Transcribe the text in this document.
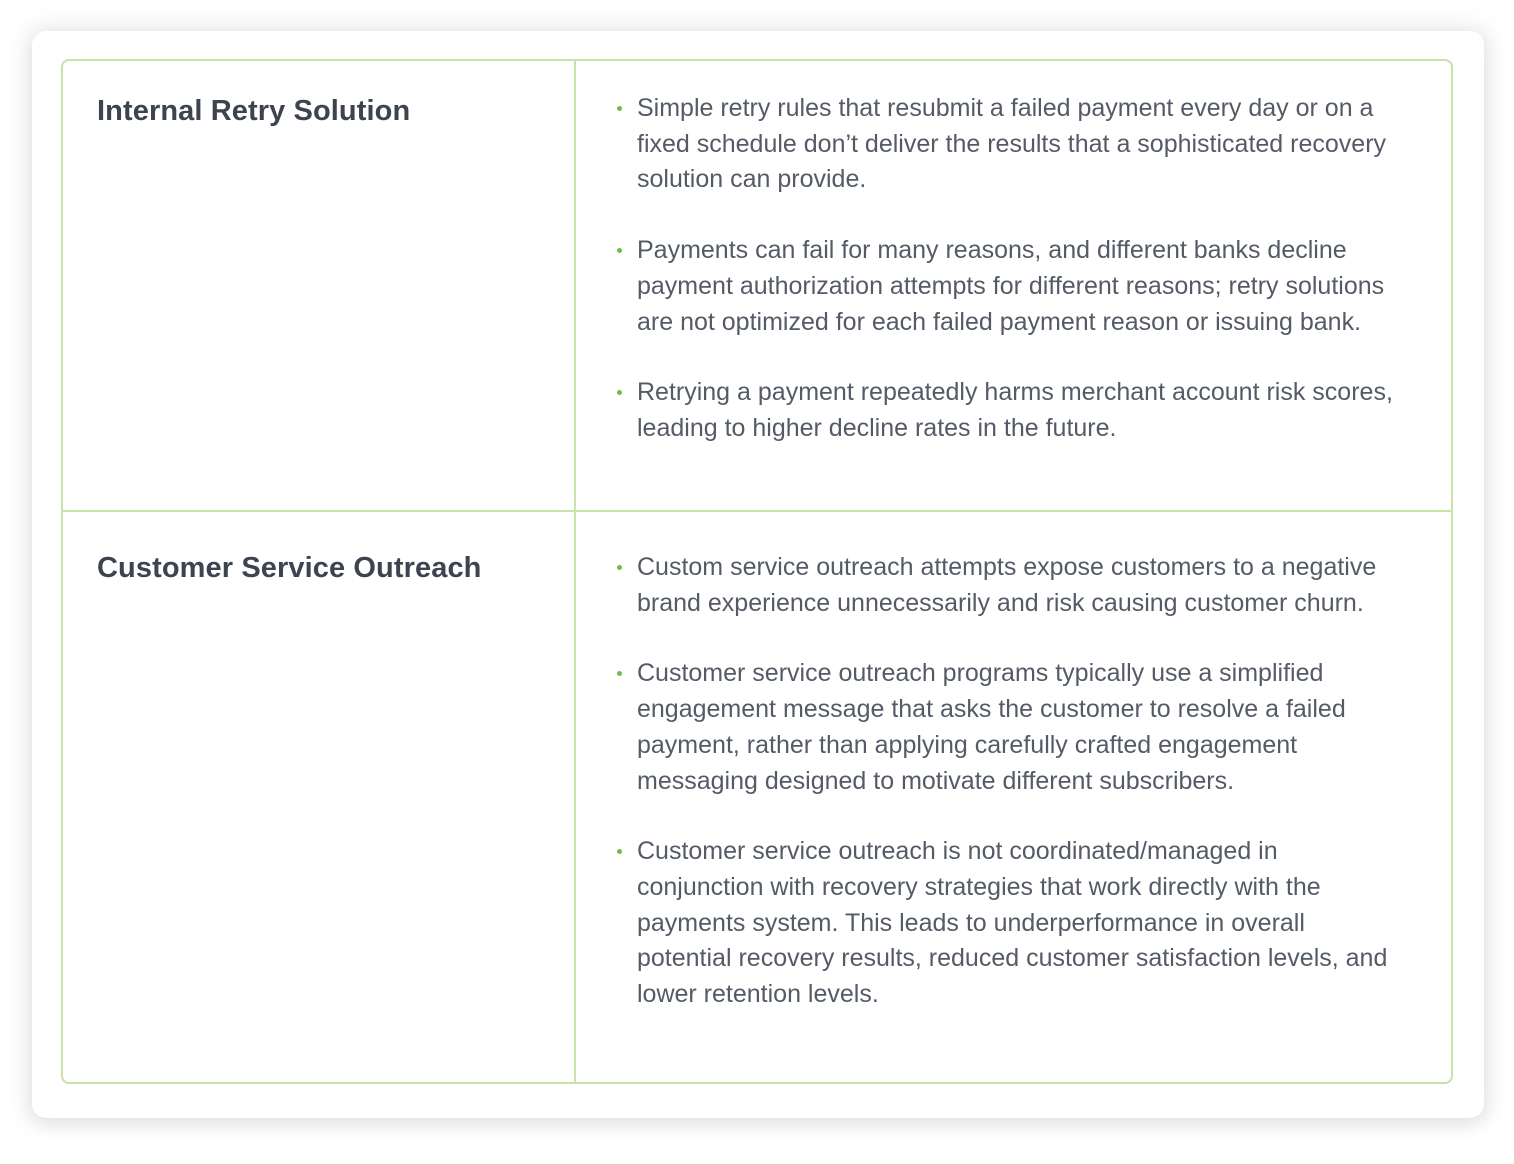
Internal Retry Solution	Simple retry rules that resubmit a failed payment every day or on a fixed schedule don’t deliver the results that a sophisticated recovery solution can provide.
Payments can fail for many reasons, and different banks decline payment authorization attempts for different reasons; retry solutions are not optimized for each failed payment reason or issuing bank.
Retrying a payment repeatedly harms merchant account risk scores, leading to higher decline rates in the future.
Customer Service Outreach	Custom service outreach attempts expose customers to a negative brand experience unnecessarily and risk causing customer churn.
Customer service outreach programs typically use a simplified engagement message that asks the customer to resolve a failed payment, rather than applying carefully crafted engagement messaging designed to motivate different subscribers.
Customer service outreach is not coordinated/managed in conjunction with recovery strategies that work directly with the payments system. This leads to underperformance in overall potential recovery results, reduced customer satisfaction levels, and lower retention levels.
